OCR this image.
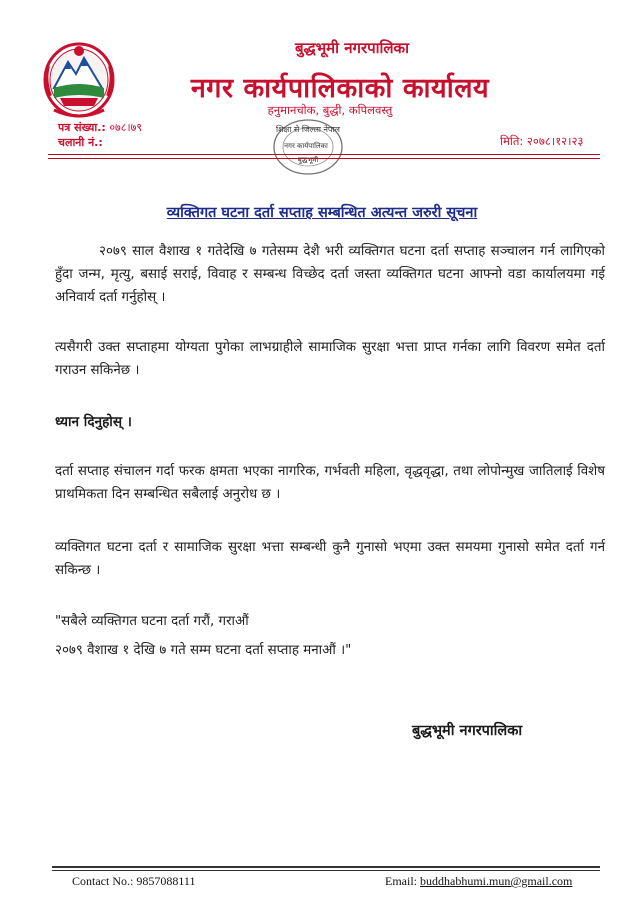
बुद्धभूमी नगरपालिका
नगर कार्यपालिकाको कार्यालय
हनुमानचोक, बुद्धी, कपिलवस्तु
पत्र संख्या.: ०७८।७९
चलानी नं.:
शिक्षा से जिल्ला नेपाल
नगर कार्यपालिका
बुद्धभूमी
मिति: २०७८।१२।२३
व्यक्तिगत घटना दर्ता सप्ताह सम्बन्धित अत्यन्त जरुरी सूचना
२०७९ साल वैशाख १ गतेदेखि ७ गतेसम्म देशै भरी व्यक्तिगत घटना दर्ता सप्ताह सञ्चालन गर्न लागिएको हुँदा जन्म, मृत्यु, बसाई सराई, विवाह र सम्बन्ध विच्छेद दर्ता जस्ता व्यक्तिगत घटना आफ्नो वडा कार्यालयमा गई अनिवार्य दर्ता गर्नुहोस् ।
त्यसैगरी उक्त सप्ताहमा योग्यता पुगेका लाभग्राहीले सामाजिक सुरक्षा भत्ता प्राप्त गर्नका लागि विवरण समेत दर्ता गराउन सकिनेछ ।
ध्यान दिनुहोस् ।
दर्ता सप्ताह संचालन गर्दा फरक क्षमता भएका नागरिक, गर्भवती महिला, वृद्धवृद्धा, तथा लोपोन्मुख जातिलाई विशेष प्राथमिकता दिन सम्बन्धित सबैलाई अनुरोध छ ।
व्यक्तिगत घटना दर्ता र सामाजिक सुरक्षा भत्ता सम्बन्धी कुनै गुनासो भएमा उक्त समयमा गुनासो समेत दर्ता गर्न सकिन्छ ।
"सबैले व्यक्तिगत घटना दर्ता गरौं, गराऔं
२०७९ वैशाख १ देखि ७ गते सम्म घटना दर्ता सप्ताह मनाऔं ।"
बुद्धभूमी नगरपालिका
Contact No.: 9857088111	Email: buddhabhumi.mun@gmail.com
